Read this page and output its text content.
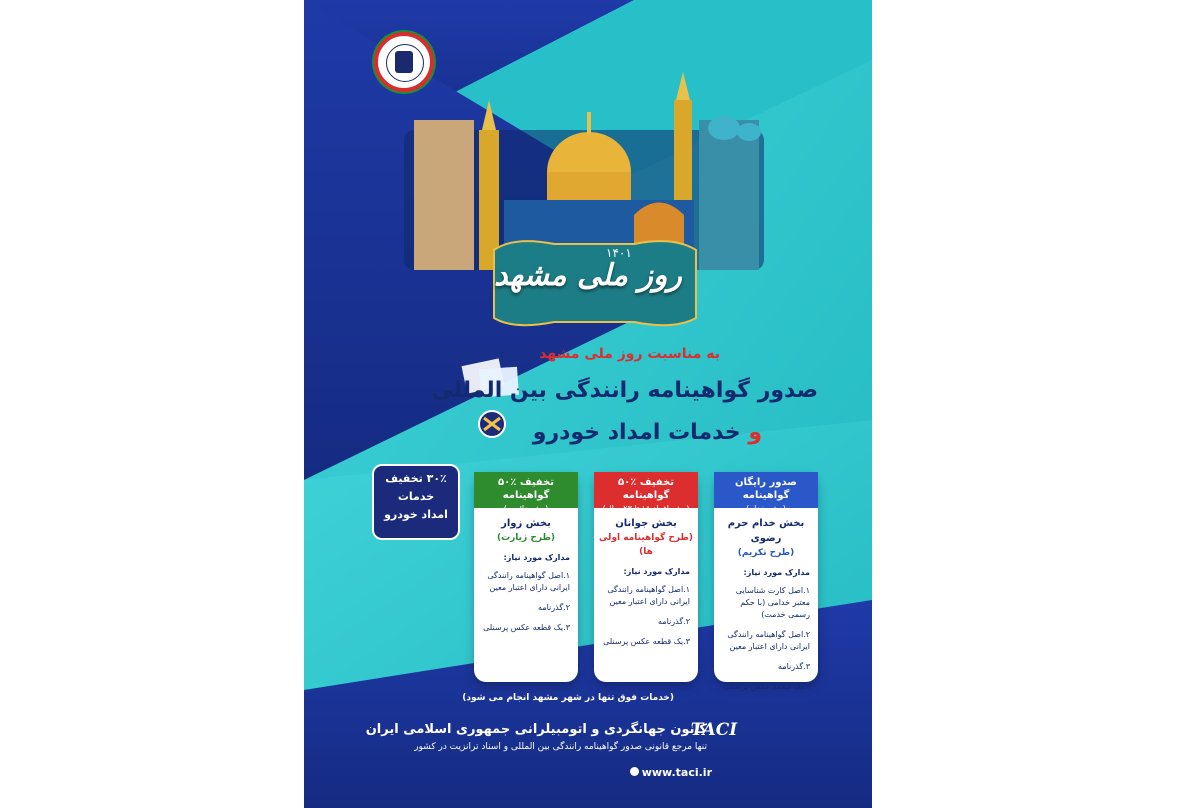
۱۴۰۱
روز ملی مشهد
به مناسبت روز ملی مشهد
صدور گواهینامه رانندگی بین المللی
و خدمات امداد خودرو
۳۰٪ تخفیف
خدمات
امداد خودرو
صدور رایگان گواهینامه
(ویژه خدام)
بخش خدام حرم رضوی
(طرح تکریم)
مدارک مورد نیاز:
۱.اصل کارت شناسایی معتبر خدامی (با حکم رسمی خدمت)
۲.اصل گواهینامه رانندگی ایرانی دارای اعتبار معین
۳.گذرنامه
۴.یک قطعه عکس پرسنلی
۵۰٪ تخفیف گواهینامه
(ویژه افراد ۱۸ تا ۲۳ سال)
بخش جوانان
(طرح گواهینامه اولی ها)
مدارک مورد نیاز:
۱.اصل گواهینامه رانندگی ایرانی دارای اعتبار معین
۲.گذرنامه
۳.یک قطعه عکس پرسنلی
۵۰٪ تخفیف گواهینامه
(ویژه زائرین)
بخش زوار
(طرح زیارت)
مدارک مورد نیاز:
۱.اصل گواهینامه رانندگی ایرانی دارای اعتبار معین
۲.گذرنامه
۳.یک قطعه عکس پرسنلی
(خدمات فوق تنها در شهر مشهد انجام می شود)
TACI
کانون جهانگردی و اتومبیلرانی جمهوری اسلامی ایران
تنها مرجع قانونی صدور گواهینامه رانندگی بین المللی و اسناد ترانزیت در کشور
www.taci.ir
